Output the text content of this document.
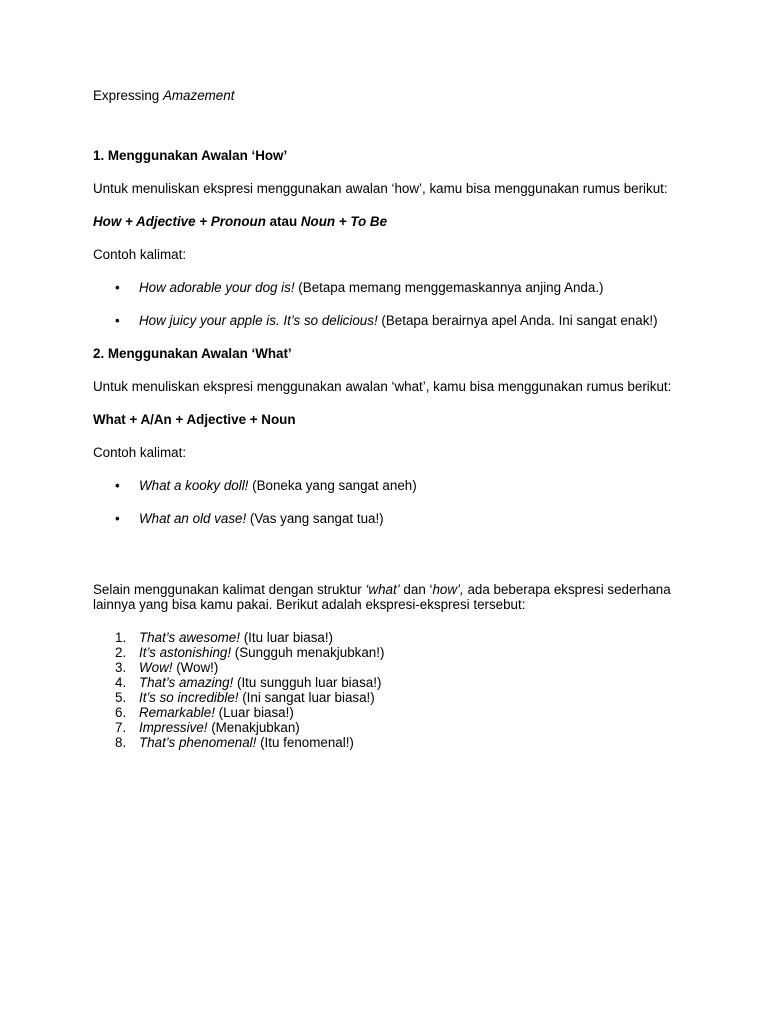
Expressing Amazement

1. Menggunakan Awalan ‘How’

Untuk menuliskan ekspresi menggunakan awalan ‘how’, kamu bisa menggunakan rumus berikut:

How + Adjective + Pronoun atau Noun + To Be

Contoh kalimat:

• How adorable your dog is! (Betapa memang menggemaskannya anjing Anda.)
• How juicy your apple is. It’s so delicious! (Betapa berairnya apel Anda. Ini sangat enak!)

2. Menggunakan Awalan ‘What’

Untuk menuliskan ekspresi menggunakan awalan ‘what’, kamu bisa menggunakan rumus berikut:

What + A/An + Adjective + Noun

Contoh kalimat:

• What a kooky doll! (Boneka yang sangat aneh)
• What an old vase! (Vas yang sangat tua!)

Selain menggunakan kalimat dengan struktur ‘what’ dan ‘how’, ada beberapa ekspresi sederhana lainnya yang bisa kamu pakai. Berikut adalah ekspresi-ekspresi tersebut:

1. That’s awesome! (Itu luar biasa!)
2. It’s astonishing! (Sungguh menakjubkan!)
3. Wow! (Wow!)
4. That’s amazing! (Itu sungguh luar biasa!)
5. It’s so incredible! (Ini sangat luar biasa!)
6. Remarkable! (Luar biasa!)
7. Impressive! (Menakjubkan)
8. That’s phenomenal! (Itu fenomenal!)
